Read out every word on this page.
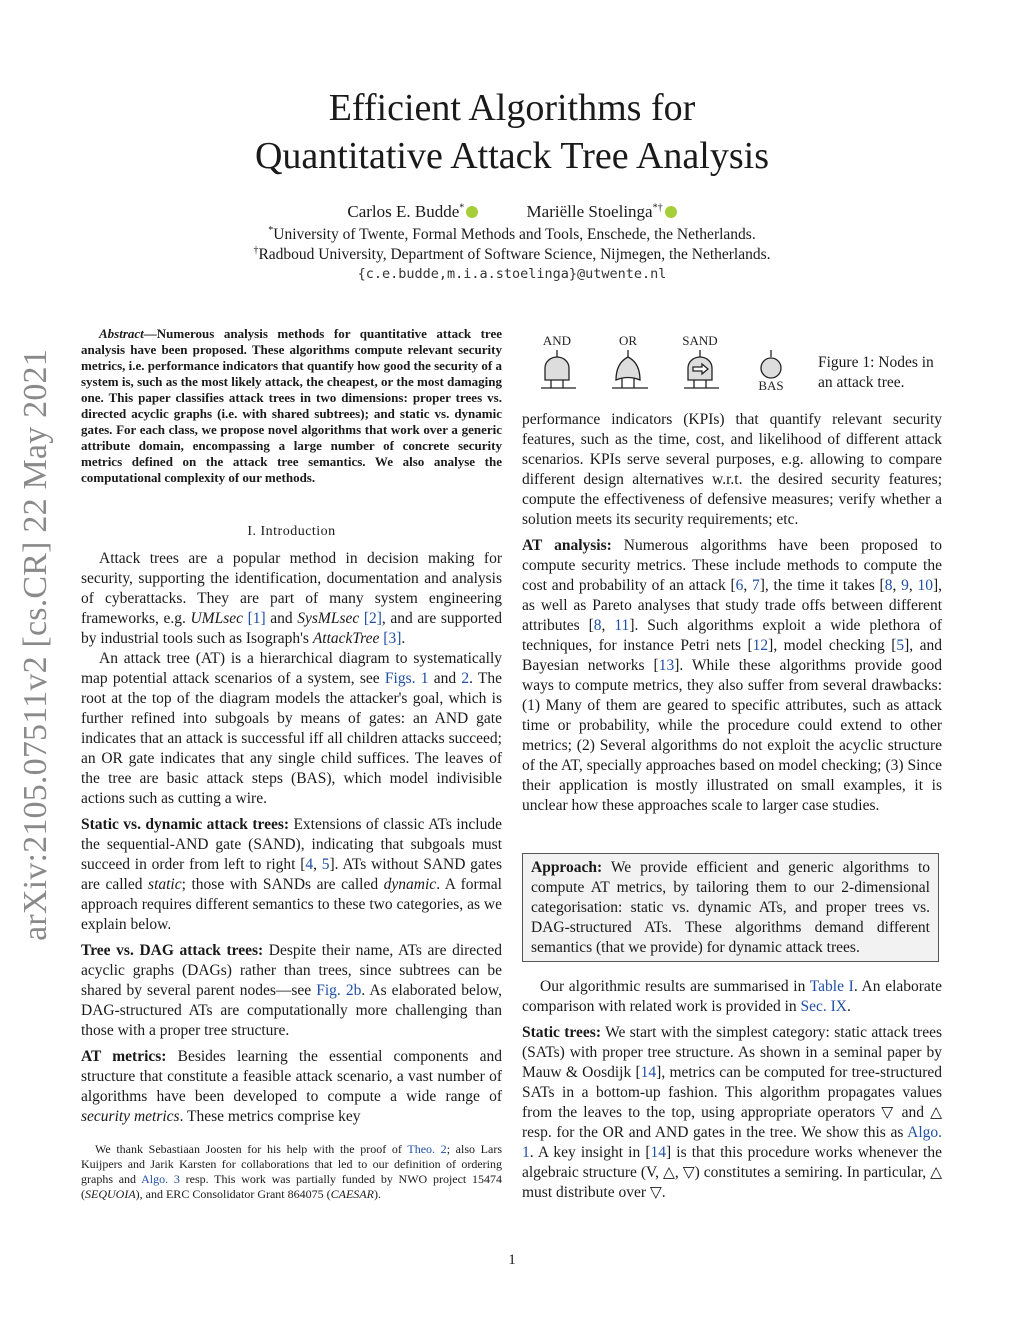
arXiv:2105.07511v2 [cs.CR] 22 May 2021
Efficient Algorithms for
Quantitative Attack Tree Analysis
Carlos E. Budde*	Mariëlle Stoelinga*†
*University of Twente, Formal Methods and Tools, Enschede, the Netherlands.
†Radboud University, Department of Software Science, Nijmegen, the Netherlands.
{c.e.budde,m.i.a.stoelinga}@utwente.nl
Abstract—Numerous analysis methods for quantitative attack tree analysis have been proposed. These algorithms compute relevant security metrics, i.e. performance indicators that quantify how good the security of a system is, such as the most likely attack, the cheapest, or the most damaging one. This paper classifies attack trees in two dimensions: proper trees vs. directed acyclic graphs (i.e. with shared subtrees); and static vs. dynamic gates. For each class, we propose novel algorithms that work over a generic attribute domain, encompassing a large number of concrete security metrics defined on the attack tree semantics. We also analyse the computational complexity of our methods.
I. Introduction

Attack trees are a popular method in decision making for security, supporting the identification, documentation and analysis of cyberattacks. They are part of many system engineering frameworks, e.g. UMLsec [1] and SysMLsec [2], and are supported by industrial tools such as Isograph's AttackTree [3].

An attack tree (AT) is a hierarchical diagram to systematically map potential attack scenarios of a system, see Figs. 1 and 2. The root at the top of the diagram models the attacker's goal, which is further refined into subgoals by means of gates: an AND gate indicates that an attack is successful iff all children attacks succeed; an OR gate indicates that any single child suffices. The leaves of the tree are basic attack steps (BAS), which model indivisible actions such as cutting a wire.

Static vs. dynamic attack trees: Extensions of classic ATs include the sequential-AND gate (SAND), indicating that subgoals must succeed in order from left to right [4, 5]. ATs without SAND gates are called static; those with SANDs are called dynamic. A formal approach requires different semantics to these two categories, as we explain below.

Tree vs. DAG attack trees: Despite their name, ATs are directed acyclic graphs (DAGs) rather than trees, since subtrees can be shared by several parent nodes—see Fig. 2b. As elaborated below, DAG-structured ATs are computationally more challenging than those with a proper tree structure.

AT metrics: Besides learning the essential components and structure that constitute a feasible attack scenario, a vast number of algorithms have been developed to compute a wide range of security metrics. These metrics comprise key

We thank Sebastiaan Joosten for his help with the proof of Theo. 2; also Lars Kuijpers and Jarik Karsten for collaborations that led to our definition of ordering graphs and Algo. 3 resp. This work was partially funded by NWO project 15474 (SEQUOIA), and ERC Consolidator Grant 864075 (CAESAR).
AND	OR	SAND
BAS
Figure 1: Nodes in an attack tree.

performance indicators (KPIs) that quantify relevant security features, such as the time, cost, and likelihood of different attack scenarios. KPIs serve several purposes, e.g. allowing to compare different design alternatives w.r.t. the desired security features; compute the effectiveness of defensive measures; verify whether a solution meets its security requirements; etc.

AT analysis: Numerous algorithms have been proposed to compute security metrics. These include methods to compute the cost and probability of an attack [6, 7], the time it takes [8, 9, 10], as well as Pareto analyses that study trade offs between different attributes [8, 11]. Such algorithms exploit a wide plethora of techniques, for instance Petri nets [12], model checking [5], and Bayesian networks [13]. While these algorithms provide good ways to compute metrics, they also suffer from several drawbacks: (1) Many of them are geared to specific attributes, such as attack time or probability, while the procedure could extend to other metrics; (2) Several algorithms do not exploit the acyclic structure of the AT, specially approaches based on model checking; (3) Since their application is mostly illustrated on small examples, it is unclear how these approaches scale to larger case studies.

Approach: We provide efficient and generic algorithms to compute AT metrics, by tailoring them to our 2-dimensional categorisation: static vs. dynamic ATs, and proper trees vs. DAG-structured ATs. These algorithms demand different semantics (that we provide) for dynamic attack trees.

Our algorithmic results are summarised in Table I. An elaborate comparison with related work is provided in Sec. IX.

Static trees: We start with the simplest category: static attack trees (SATs) with proper tree structure. As shown in a seminal paper by Mauw & Oosdijk [14], metrics can be computed for tree-structured SATs in a bottom-up fashion. This algorithm propagates values from the leaves to the top, using appropriate operators ▽ and △ resp. for the OR and AND gates in the tree. We show this as Algo. 1. A key insight in [14] is that this procedure works whenever the algebraic structure (V, △, ▽) constitutes a semiring. In particular, △ must distribute over ▽.

1
